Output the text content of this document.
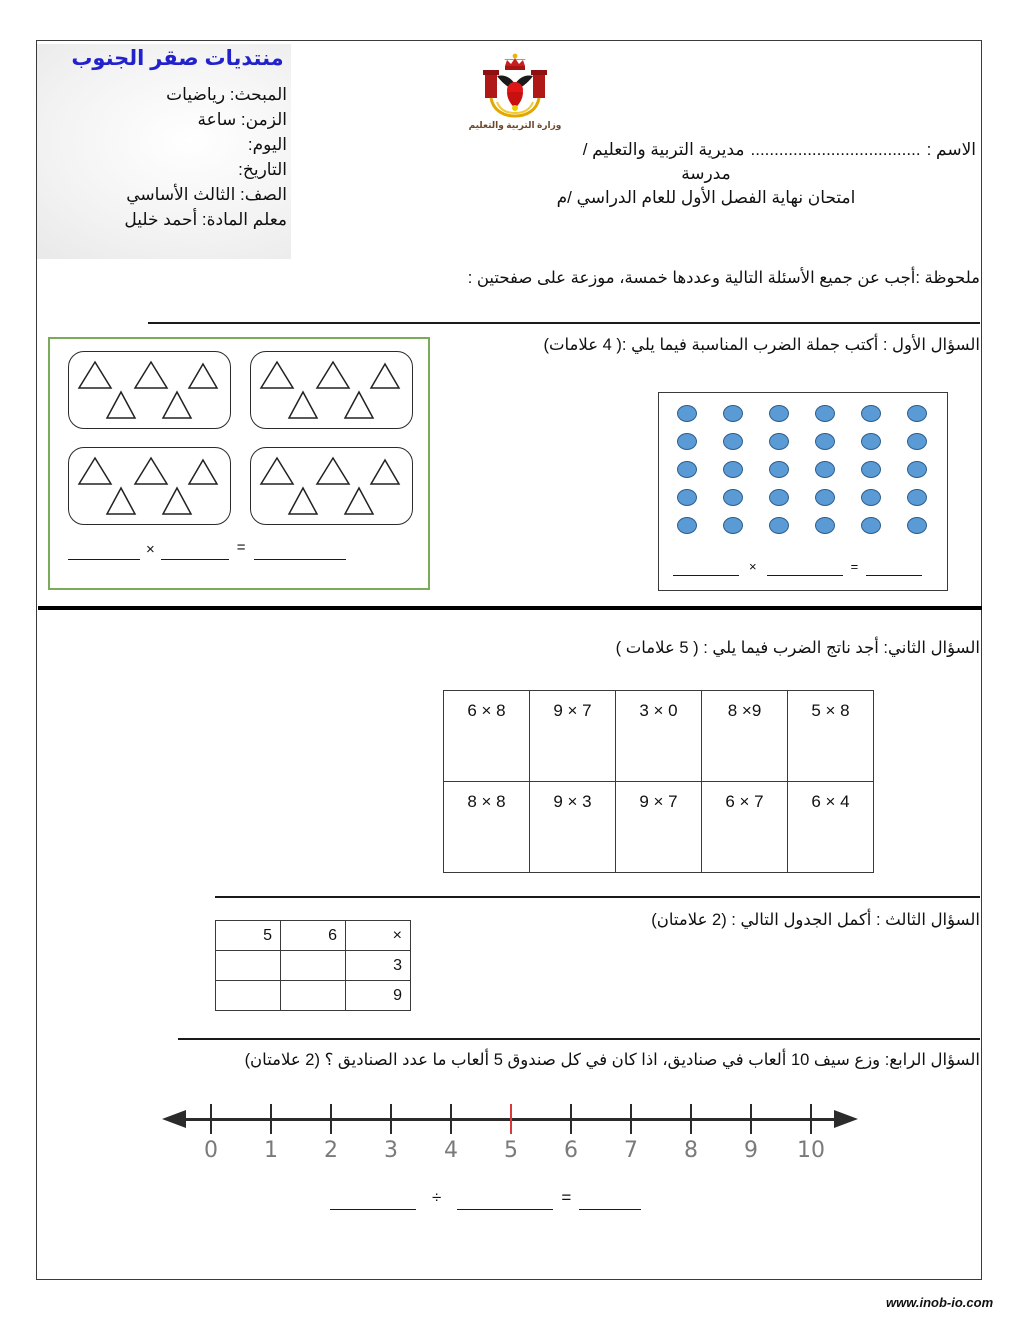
منتديات صقر الجنوب
المبحث: رياضيات
الزمن: ساعة
اليوم:
التاريخ:
الصف: الثالث الأساسي
معلم المادة: أحمد خليل
ــــــــــ
وزارة التربية والتعليم
الاسم :
....................................
مديرية التربية والتعليم /
مدرسة
امتحان نهاية الفصل الأول للعام الدراسي /م
ملحوظة :أجب عن جميع الأسئلة التالية وعددها خمسة، موزعة على صفحتين :
السؤال الأول : أكتب جملة الضرب المناسبة فيما يلي :( 4 علامات)
×	=
×	=
السؤال الثاني: أجد ناتج الضرب فيما يلي : ( 5 علامات )
5 × 8	8 ×9	3 × 0	9 × 7	6 × 8
6 × 4	6 × 7	9 × 7	9 × 3	8 × 8
السؤال الثالث : أكمل الجدول التالي : (2 علامتان)
×	6	5
3		
9		
السؤال الرابع: وزع سيف 10 ألعاب في صناديق، اذا كان في كل صندوق 5 ألعاب ما عدد الصناديق ؟ (2 علامتان)
0	1	2	3	4	5	6	7	8	9	10
÷	=
www.inob-io.com
